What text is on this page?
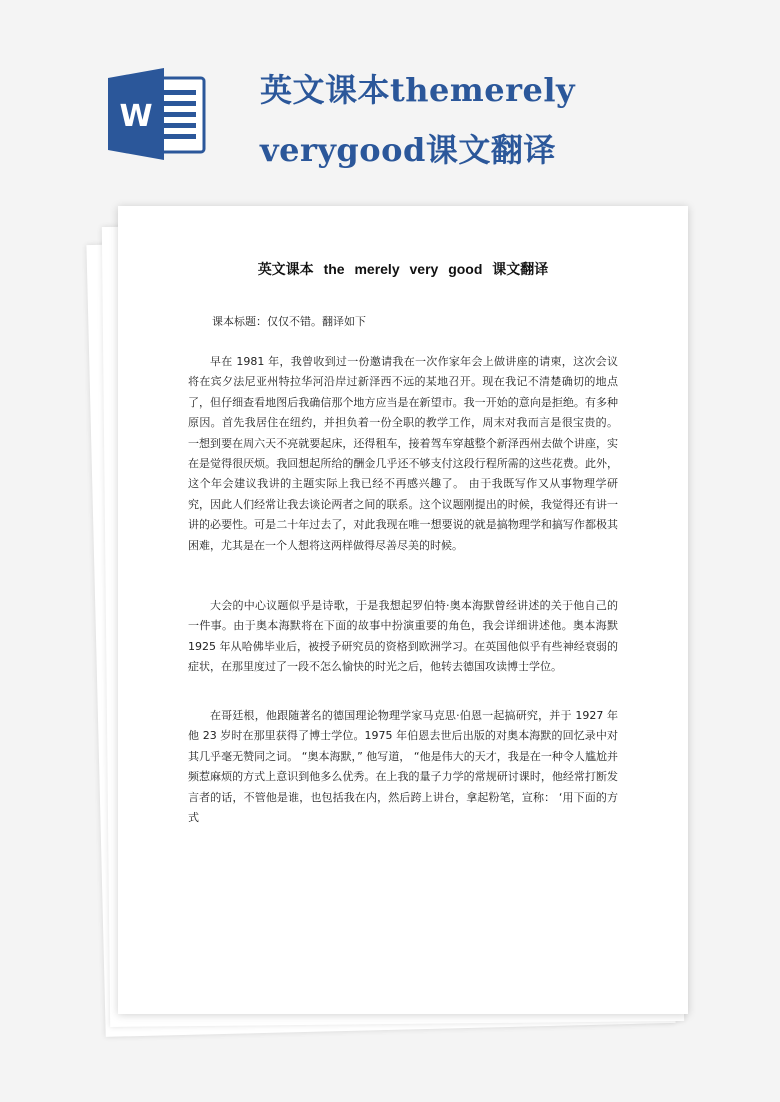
W
英文课本themerely
verygood课文翻译
英文课本 the merely very good 课文翻译
课本标题：仅仅不错。翻译如下

早在 1981 年，我曾收到过一份邀请我在一次作家年会上做讲座的请柬，这次会议将在宾夕法尼亚州特拉华河沿岸过新泽西不远的某地召开。现在我记不清楚确切的地点了，但仔细查看地图后我确信那个地方应当是在新望市。我一开始的意向是拒绝。有多种原因。首先我居住在纽约，并担负着一份全职的教学工作，周末对我而言是很宝贵的。 一想到要在周六天不亮就要起床，还得租车，接着驾车穿越整个新泽西州去做个讲座，实在是觉得很厌烦。我回想起所给的酬金几乎还不够支付这段行程所需的这些花费。此外，这个年会建议我讲的主题实际上我已经不再感兴趣了。 由于我既写作又从事物理学研究，因此人们经常让我去谈论两者之间的联系。这个议题刚提出的时候，我觉得还有讲一讲的必要性。可是二十年过去了，对此我现在唯一想要说的就是搞物理学和搞写作都极其困难，尤其是在一个人想将这两样做得尽善尽美的时候。

大会的中心议题似乎是诗歌，于是我想起罗伯特·奥本海默曾经讲述的关于他自己的一件事。由于奥本海默将在下面的故事中扮演重要的角色，我会详细讲述他。奥本海默 1925 年从哈佛毕业后，被授予研究员的资格到欧洲学习。在英国他似乎有些神经衰弱的症状，在那里度过了一段不怎么愉快的时光之后，他转去德国攻读博士学位。

在哥廷根，他跟随著名的德国理论物理学家马克思·伯恩一起搞研究，并于 1927 年他 23 岁时在那里获得了博士学位。1975 年伯恩去世后出版的对奥本海默的回忆录中对其几乎毫无赞同之词。 “奥本海默，” 他写道， “他是伟大的天才，我是在一种令人尴尬并频惹麻烦的方式上意识到他多么优秀。在上我的量子力学的常规研讨课时，他经常打断发言者的话，不管他是谁，也包括我在内，然后跨上讲台，拿起粉笔，宣称： ‘用下面的方式
